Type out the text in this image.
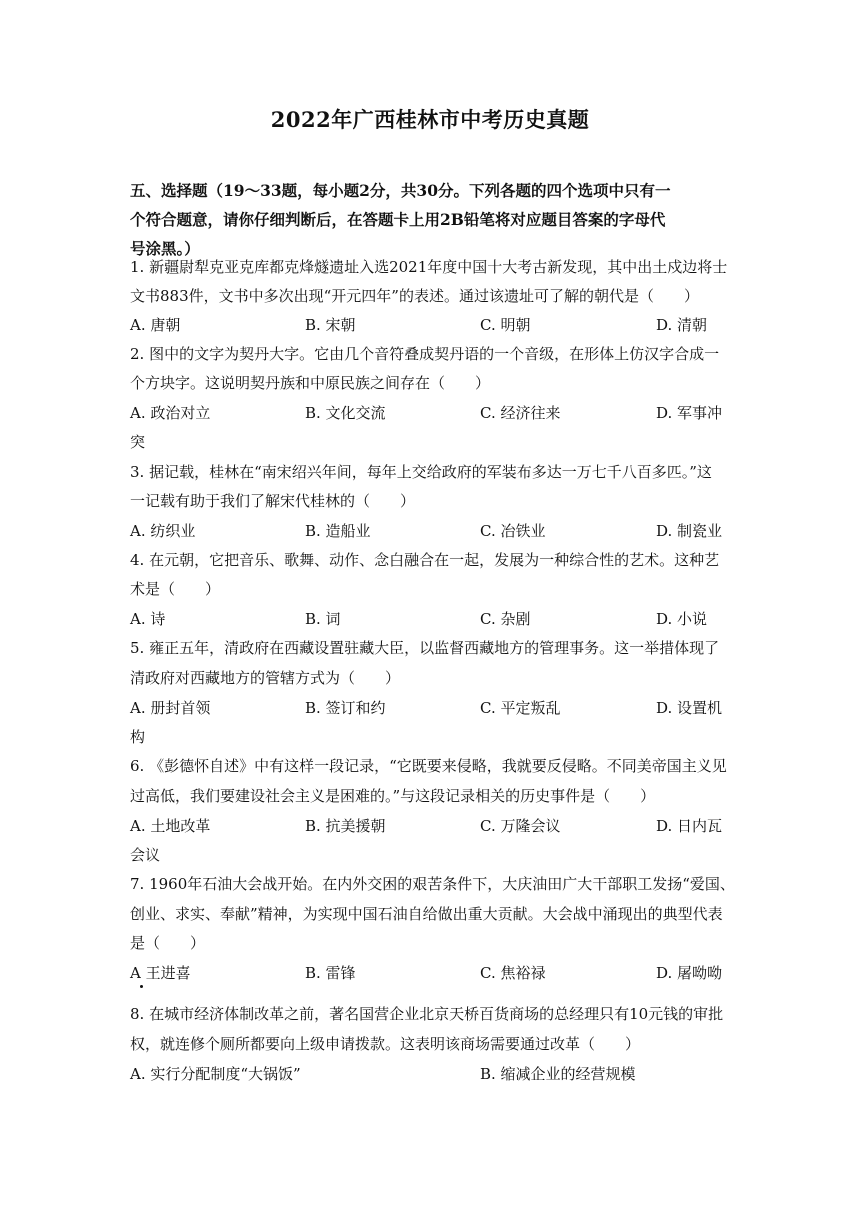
2022年广西桂林市中考历史真题
五、选择题（19～33题，每小题2分，共30分。下列各题的四个选项中只有一
个符合题意，请你仔细判断后，在答题卡上用2B铅笔将对应题目答案的字母代
号涂黑。）
1. 新疆尉犁克亚克库都克烽燧遗址入选2021年度中国十大考古新发现，其中出土戍边将士
文书883件，文书中多次出现“开元四年”的表述。通过该遗址可了解的朝代是（　　）
A. 唐朝	B. 宋朝	C. 明朝	D. 清朝
2. 图中的文字为契丹大字。它由几个音符叠成契丹语的一个音级，在形体上仿汉字合成一
个方块字。这说明契丹族和中原民族之间存在（　　）
A. 政治对立	B. 文化交流	C. 经济往来	D. 军事冲
突
3. 据记载，桂林在“南宋绍兴年间，每年上交给政府的军装布多达一万七千八百多匹。”这
一记载有助于我们了解宋代桂林的（　　）
A. 纺织业	B. 造船业	C. 冶铁业	D. 制瓷业
4. 在元朝，它把音乐、歌舞、动作、念白融合在一起，发展为一种综合性的艺术。这种艺
术是（　　）
A. 诗	B. 词	C. 杂剧	D. 小说
5. 雍正五年，清政府在西藏设置驻藏大臣，以监督西藏地方的管理事务。这一举措体现了
清政府对西藏地方的管辖方式为（　　）
A. 册封首领	B. 签订和约	C. 平定叛乱	D. 设置机
构
6. 《彭德怀自述》中有这样一段记录，“它既要来侵略，我就要反侵略。不同美帝国主义见
过高低，我们要建设社会主义是困难的。”与这段记录相关的历史事件是（　　）
A. 土地改革	B. 抗美援朝	C. 万隆会议	D. 日内瓦
会议
7. 1960年石油大会战开始。在内外交困的艰苦条件下，大庆油田广大干部职工发扬“爱国、
创业、求实、奉献”精神，为实现中国石油自给做出重大贡献。大会战中涌现出的典型代表
是（　　）
A 王进喜	B. 雷锋	C. 焦裕禄	D. 屠呦呦
8. 在城市经济体制改革之前，著名国营企业北京天桥百货商场的总经理只有10元钱的审批
权，就连修个厕所都要向上级申请拨款。这表明该商场需要通过改革（　　）
A. 实行分配制度“大锅饭”	B. 缩减企业的经营规模
